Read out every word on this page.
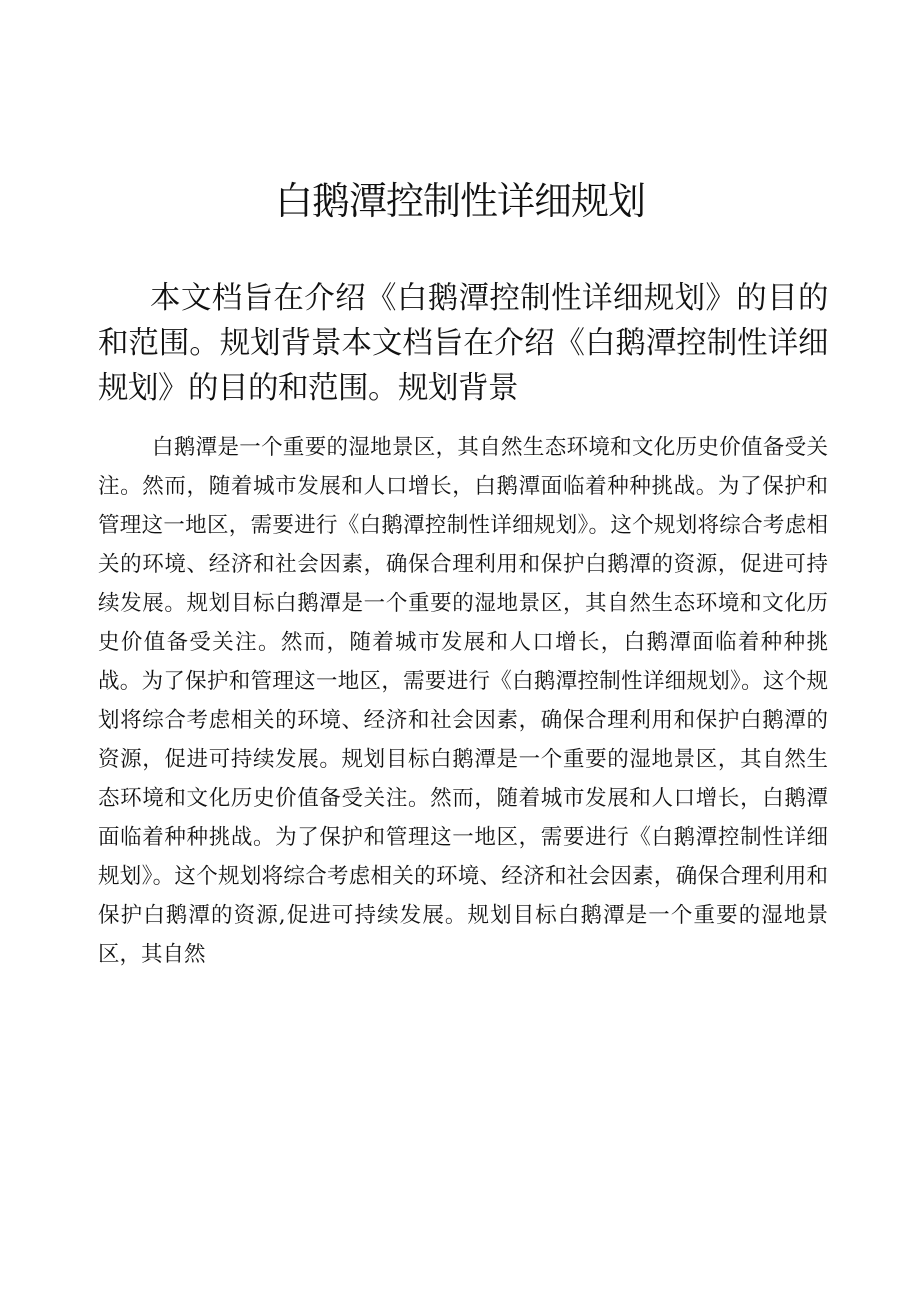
白鹅潭控制性详细规划

本文档旨在介绍《白鹅潭控制性详细规划》的目的和范围。规划背景本文档旨在介绍《白鹅潭控制性详细规划》的目的和范围。规划背景

白鹅潭是一个重要的湿地景区，其自然生态环境和文化历史价值备受关注。然而，随着城市发展和人口增长，白鹅潭面临着种种挑战。为了保护和管理这一地区，需要进行《白鹅潭控制性详细规划》。这个规划将综合考虑相关的环境、经济和社会因素，确保合理利用和保护白鹅潭的资源，促进可持续发展。规划目标白鹅潭是一个重要的湿地景区，其自然生态环境和文化历史价值备受关注。然而，随着城市发展和人口增长，白鹅潭面临着种种挑战。为了保护和管理这一地区，需要进行《白鹅潭控制性详细规划》。这个规划将综合考虑相关的环境、经济和社会因素，确保合理利用和保护白鹅潭的资源，促进可持续发展。规划目标白鹅潭是一个重要的湿地景区，其自然生态环境和文化历史价值备受关注。然而，随着城市发展和人口增长，白鹅潭面临着种种挑战。为了保护和管理这一地区，需要进行《白鹅潭控制性详细规划》。这个规划将综合考虑相关的环境、经济和社会因素，确保合理利用和保护白鹅潭的资源,促进可持续发展。规划目标白鹅潭是一个重要的湿地景区，其自然
